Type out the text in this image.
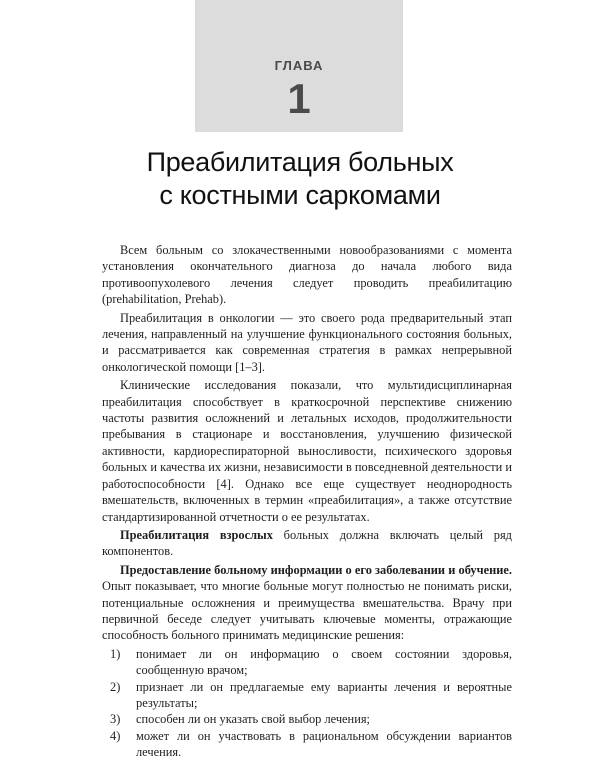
ГЛАВА
1
Преабилитация больных
с костными саркомами

Всем больным со злокачественными новообразованиями с момента установления окончательного диагноза до начала любого вида противоопухолевого лечения следует проводить преабилитацию (prehabilitation, Prehab).

Преабилитация в онкологии — это своего рода предварительный этап лечения, направленный на улучшение функционального состояния больных, и рассматривается как современная стратегия в рамках непрерывной онкологической помощи [1–3].

Клинические исследования показали, что мультидисциплинарная преабилитация способствует в краткосрочной перспективе снижению частоты развития осложнений и летальных исходов, продолжительности пребывания в стационаре и восстановления, улучшению физической активности, кардиореспираторной выносливости, психического здоровья больных и качества их жизни, независимости в повседневной деятельности и работоспособности [4]. Однако все еще существует неоднородность вмешательств, включенных в термин «преабилитация», а также отсутствие стандартизированной отчетности о ее результатах.

Преабилитация взрослых больных должна включать целый ряд компонентов.

Предоставление больному информации о его заболевании и обучение. Опыт показывает, что многие больные могут полностью не понимать риски, потенциальные осложнения и преимущества вмешательства. Врачу при первичной беседе следует учитывать ключевые моменты, отражающие способность больного принимать медицинские решения:

1) понимает ли он информацию о своем состоянии здоровья, сообщенную врачом;
2) признает ли он предлагаемые ему варианты лечения и вероятные результаты;
3) способен ли он указать свой выбор лечения;
4) может ли он участвовать в рациональном обсуждении вариантов лечения.
